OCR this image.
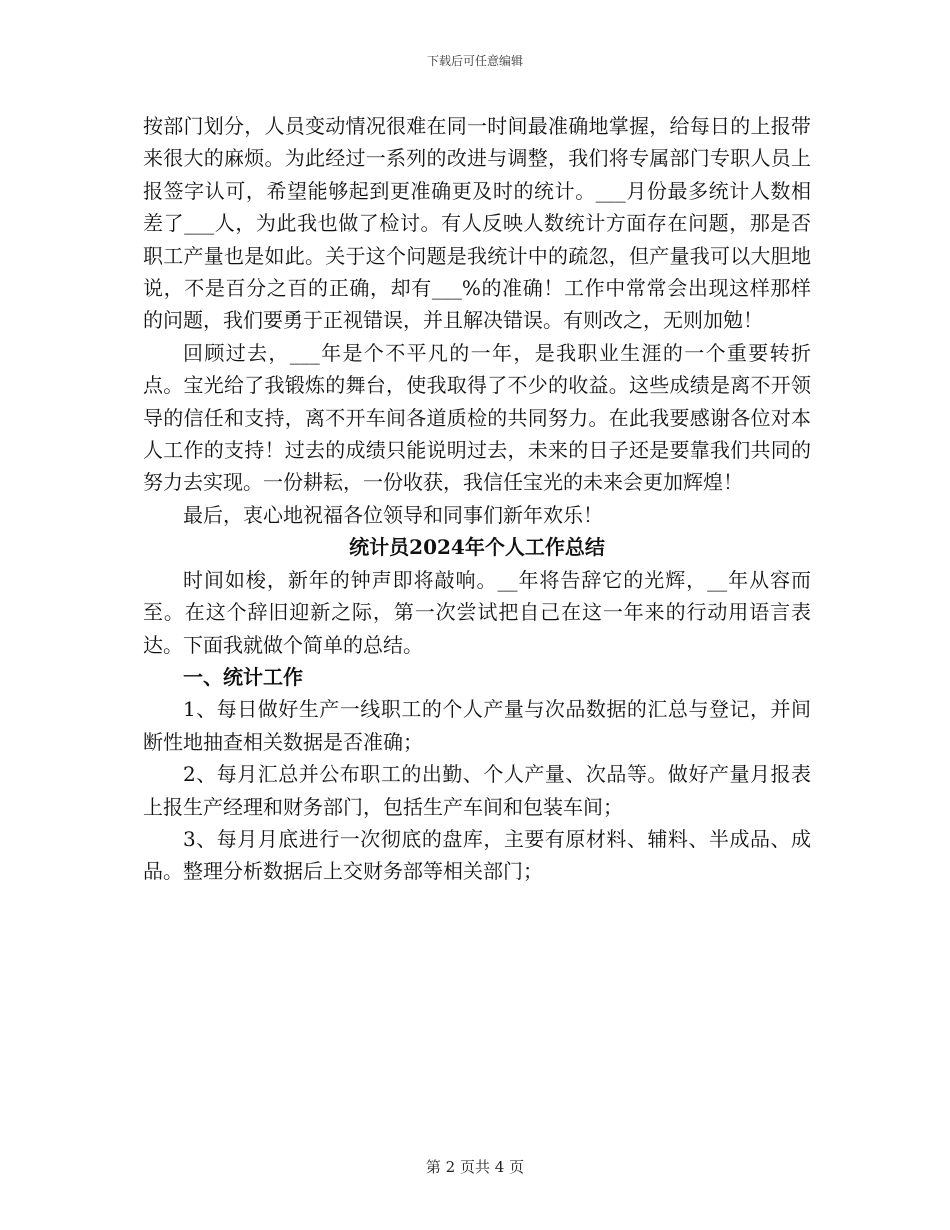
下载后可任意编辑

按部门划分，人员变动情况很难在同一时间最准确地掌握，给每日的上报带来很大的麻烦。为此经过一系列的改进与调整，我们将专属部门专职人员上报签字认可，希望能够起到更准确更及时的统计。___月份最多统计人数相差了___人，为此我也做了检讨。有人反映人数统计方面存在问题，那是否职工产量也是如此。关于这个问题是我统计中的疏忽，但产量我可以大胆地说，不是百分之百的正确，却有___%的准确！工作中常常会出现这样那样的问题，我们要勇于正视错误，并且解决错误。有则改之，无则加勉！

回顾过去，___年是个不平凡的一年，是我职业生涯的一个重要转折点。宝光给了我锻炼的舞台，使我取得了不少的收益。这些成绩是离不开领导的信任和支持，离不开车间各道质检的共同努力。在此我要感谢各位对本人工作的支持！过去的成绩只能说明过去，未来的日子还是要靠我们共同的努力去实现。一份耕耘，一份收获，我信任宝光的未来会更加辉煌！

最后，衷心地祝福各位领导和同事们新年欢乐！

统计员2024年个人工作总结

时间如梭，新年的钟声即将敲响。__年将告辞它的光辉，__年从容而至。在这个辞旧迎新之际，第一次尝试把自己在这一年来的行动用语言表达。下面我就做个简单的总结。

一、统计工作

1、每日做好生产一线职工的个人产量与次品数据的汇总与登记，并间断性地抽查相关数据是否准确；

2、每月汇总并公布职工的出勤、个人产量、次品等。做好产量月报表上报生产经理和财务部门，包括生产车间和包装车间；

3、每月月底进行一次彻底的盘库，主要有原材料、辅料、半成品、成品。整理分析数据后上交财务部等相关部门；

第 2 页共 4 页
